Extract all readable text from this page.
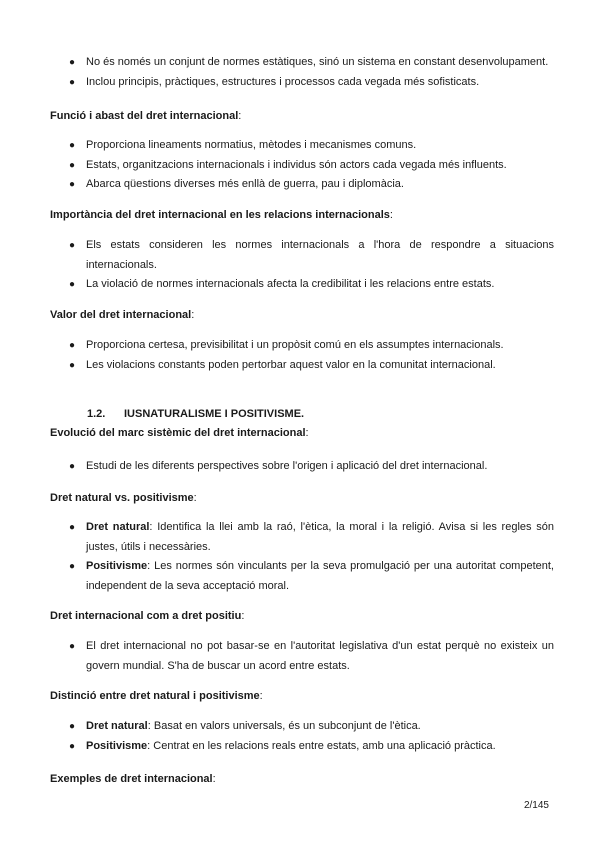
● No és només un conjunt de normes estàtiques, sinó un sistema en constant desenvolupament.
● Inclou principis, pràctiques, estructures i processos cada vegada més sofisticats.
Funció i abast del dret internacional:
● Proporciona lineaments normatius, mètodes i mecanismes comuns.
● Estats, organitzacions internacionals i individus són actors cada vegada més influents.
● Abarca qüestions diverses més enllà de guerra, pau i diplomàcia.
Importància del dret internacional en les relacions internacionals:
● Els estats consideren les normes internacionals a l'hora de respondre a situacions internacionals.
● La violació de normes internacionals afecta la credibilitat i les relacions entre estats.
Valor del dret internacional:
● Proporciona certesa, previsibilitat i un propòsit comú en els assumptes internacionals.
● Les violacions constants poden pertorbar aquest valor en la comunitat internacional.
1.2. IUSNATURALISME I POSITIVISME.
Evolució del marc sistèmic del dret internacional:
● Estudi de les diferents perspectives sobre l'origen i aplicació del dret internacional.
Dret natural vs. positivisme:
● Dret natural: Identifica la llei amb la raó, l'ètica, la moral i la religió. Avisa si les regles són justes, útils i necessàries.
● Positivisme: Les normes són vinculants per la seva promulgació per una autoritat competent, independent de la seva acceptació moral.
Dret internacional com a dret positiu:
● El dret internacional no pot basar-se en l'autoritat legislativa d'un estat perquè no existeix un govern mundial. S'ha de buscar un acord entre estats.
Distinció entre dret natural i positivisme:
● Dret natural: Basat en valors universals, és un subconjunt de l'ètica.
● Positivisme: Centrat en les relacions reals entre estats, amb una aplicació pràctica.
Exemples de dret internacional:
2/145
